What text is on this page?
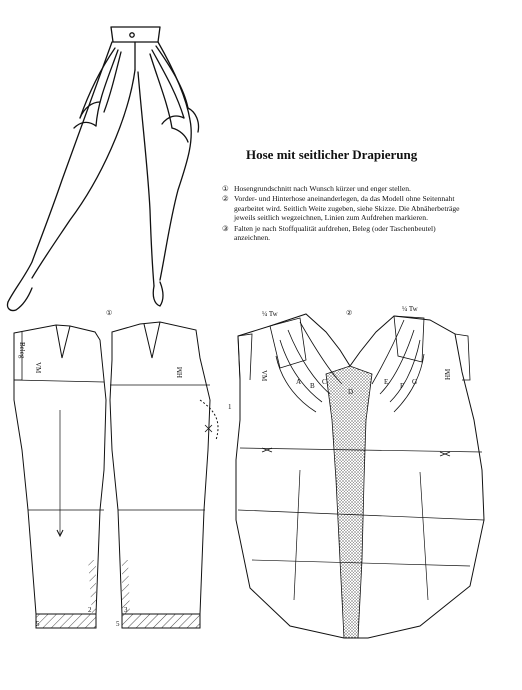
Hose mit seitlicher Drapierung
① Hosengrundschnitt nach Wunsch kürzer und enger stellen.
② Vorder- und Hinterhose aneinanderlegen, da das Modell ohne Seitennaht gearbeitet wird. Seitlich Weite zugeben, siehe Skizze. Die Abnäherbeträge jeweils seitlich wegzeichnen, Linien zum Aufdrehen markieren.
③ Falten je nach Stoffqualität aufdrehen, Beleg (oder Taschenbeutel) anzeichnen.
①	②
Beleg
VM	HM
1
2	3
5	5
¼ Tw
¼ Tw
VM	HM
A B C
D
E F G
